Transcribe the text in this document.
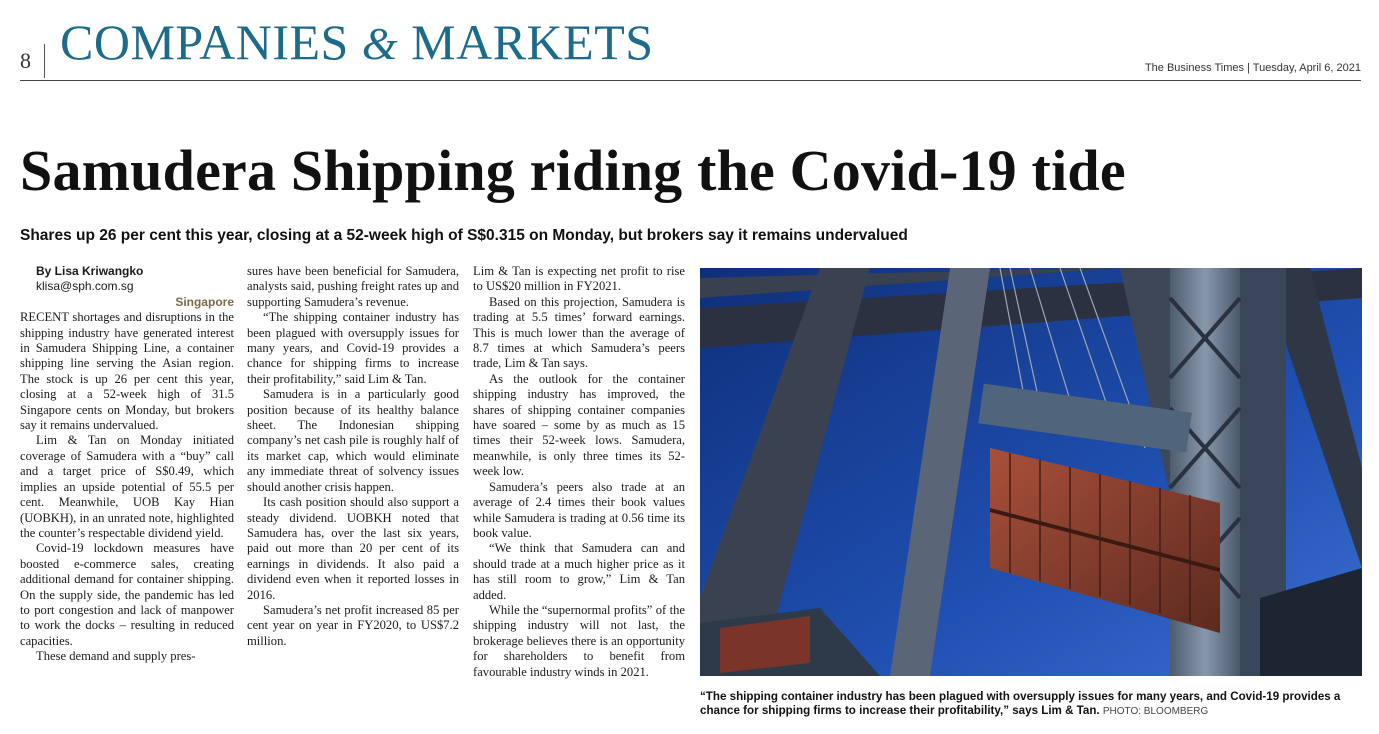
8 COMPANIES & MARKETS	The Business Times | Tuesday, April 6, 2021
Samudera Shipping riding the Covid-19 tide
Shares up 26 per cent this year, closing at a 52-week high of S$0.315 on Monday, but brokers say it remains undervalued

By Lisa Kriwangko

klisa@sph.com.sg

Singapore

RECENT shortages and disruptions in the shipping industry have generated interest in Samudera Shipping Line, a container shipping line serving the Asian region. The stock is up 26 per cent this year, closing at a 52-week high of 31.5 Singapore cents on Monday, but brokers say it remains undervalued.

Lim & Tan on Monday initiated coverage of Samudera with a “buy” call and a target price of S$0.49, which implies an upside potential of 55.5 per cent. Meanwhile, UOB Kay Hian (UOBKH), in an unrated note, highlighted the counter’s respectable dividend yield.

Covid-19 lockdown measures have boosted e-commerce sales, creating additional demand for container shipping. On the supply side, the pandemic has led to port congestion and lack of manpower to work the docks – resulting in reduced capacities.

These demand and supply pres-

sures have been beneficial for Samudera, analysts said, pushing freight rates up and supporting Samudera’s revenue.

“The shipping container industry has been plagued with oversupply issues for many years, and Covid-19 provides a chance for shipping firms to increase their profitability,” said Lim & Tan.

Samudera is in a particularly good position because of its healthy balance sheet. The Indonesian shipping company’s net cash pile is roughly half of its market cap, which would eliminate any immediate threat of solvency issues should another crisis happen.

Its cash position should also support a steady dividend. UOBKH noted that Samudera has, over the last six years, paid out more than 20 per cent of its earnings in dividends. It also paid a dividend even when it reported losses in 2016.

Samudera’s net profit increased 85 per cent year on year in FY2020, to US$7.2 million.

Lim & Tan is expecting net profit to rise to US$20 million in FY2021.

Based on this projection, Samudera is trading at 5.5 times’ forward earnings. This is much lower than the average of 8.7 times at which Samudera’s peers trade, Lim & Tan says.

As the outlook for the container shipping industry has improved, the shares of shipping container companies have soared – some by as much as 15 times their 52-week lows. Samudera, meanwhile, is only three times its 52-week low.

Samudera’s peers also trade at an average of 2.4 times their book values while Samudera is trading at 0.56 time its book value.

“We think that Samudera can and should trade at a much higher price as it has still room to grow,” Lim & Tan added.

While the “supernormal profits” of the shipping industry will not last, the brokerage believes there is an opportunity for shareholders to benefit from favourable industry winds in 2021.

“The shipping container industry has been plagued with oversupply issues for many years, and Covid-19 provides a chance for shipping firms to increase their profitability,” says Lim & Tan. PHOTO: BLOOMBERG
